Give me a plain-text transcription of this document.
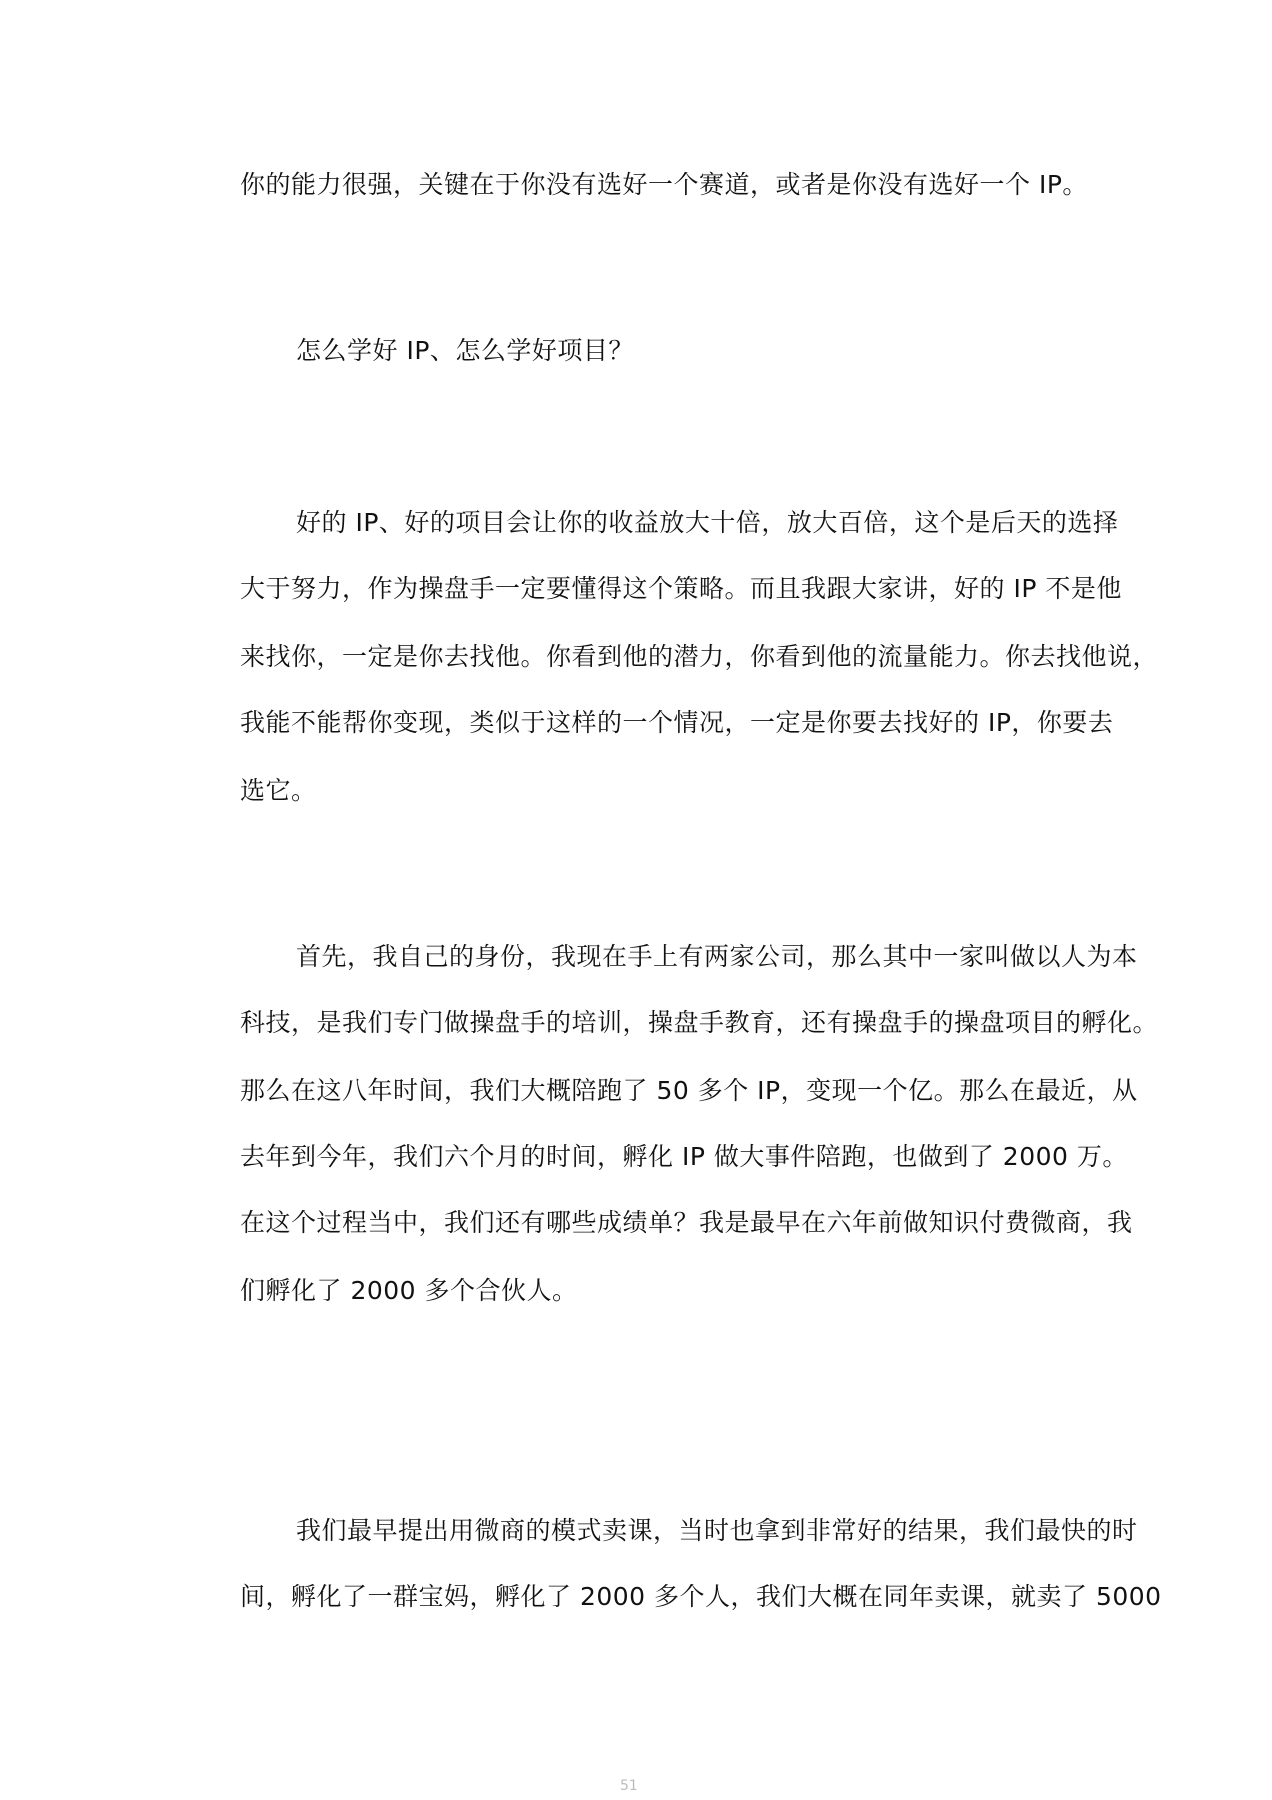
你的能力很强，关键在于你没有选好一个赛道，或者是你没有选好一个 IP。

怎么学好 IP、怎么学好项目？

好的 IP、好的项目会让你的收益放大十倍，放大百倍，这个是后天的选择

大于努力，作为操盘手一定要懂得这个策略。而且我跟大家讲，好的 IP 不是他

来找你，一定是你去找他。你看到他的潜力，你看到他的流量能力。你去找他说，

我能不能帮你变现，类似于这样的一个情况，一定是你要去找好的 IP，你要去

选它。

首先，我自己的身份，我现在手上有两家公司，那么其中一家叫做以人为本

科技，是我们专门做操盘手的培训，操盘手教育，还有操盘手的操盘项目的孵化。

那么在这八年时间，我们大概陪跑了 50 多个 IP，变现一个亿。那么在最近，从

去年到今年，我们六个月的时间，孵化 IP 做大事件陪跑，也做到了 2000 万。

在这个过程当中，我们还有哪些成绩单？我是最早在六年前做知识付费微商，我

们孵化了 2000 多个合伙人。

我们最早提出用微商的模式卖课，当时也拿到非常好的结果，我们最快的时

间，孵化了一群宝妈，孵化了 2000 多个人，我们大概在同年卖课，就卖了 5000

51
